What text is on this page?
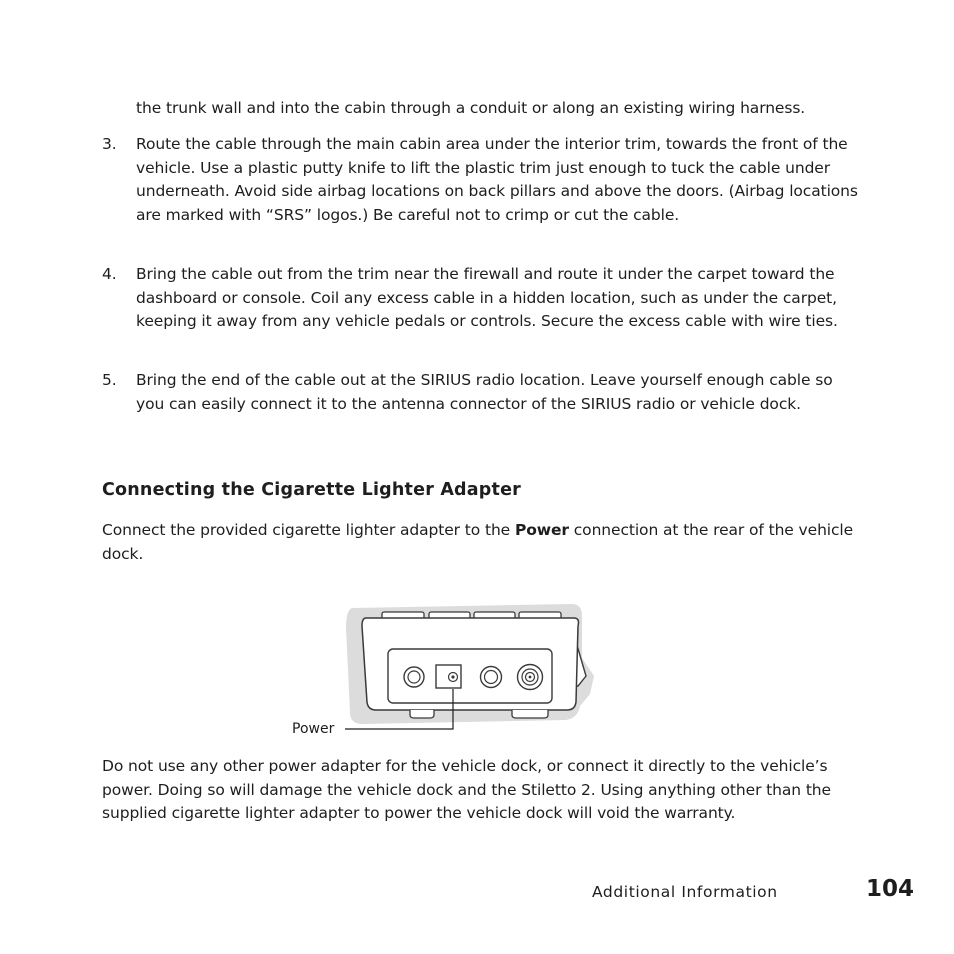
the trunk wall and into the cabin through a conduit or along an existing wiring harness.
3.	Route the cable through the main cabin area under the interior trim, towards the front of the vehicle. Use a plastic putty knife to lift the plastic trim just enough to tuck the cable under underneath. Avoid side airbag locations on back pillars and above the doors. (Airbag locations are marked with “SRS” logos.) Be careful not to crimp or cut the cable.
4.	Bring the cable out from the trim near the firewall and route it under the carpet toward the dashboard or console. Coil any excess cable in a hidden location, such as under the carpet, keeping it away from any vehicle pedals or controls. Secure the excess cable with wire ties.
5.	Bring the end of the cable out at the SIRIUS radio location. Leave yourself enough cable so you can easily connect it to the antenna connector of the SIRIUS radio or vehicle dock.
Connecting the Cigarette Lighter Adapter
Connect the provided cigarette lighter adapter to the Power connection at the rear of the vehicle dock.
Power
Do not use any other power adapter for the vehicle dock, or connect it directly to the vehicle’s power. Doing so will damage the vehicle dock and the Stiletto 2. Using anything other than the supplied cigarette lighter adapter to power the vehicle dock will void the warranty.
Additional Information	104
